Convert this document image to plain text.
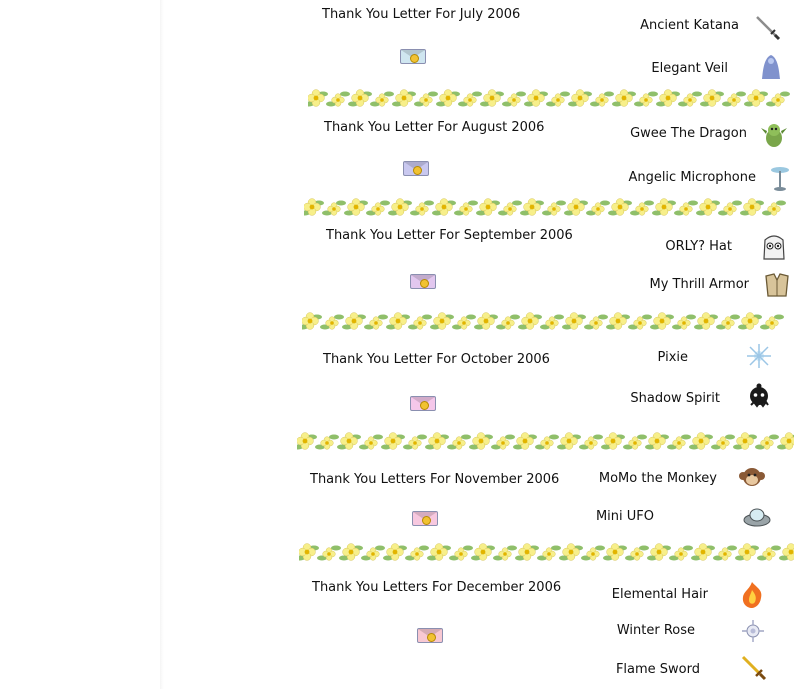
Thank You Letter For July 2006
Ancient Katana
Elegant Veil
Thank You Letter For August 2006	Gwee The Dragon
Angelic Microphone
Thank You Letter For September 2006
ORLY? Hat
My Thrill Armor
Thank You Letter For October 2006	Pixie
Shadow Spirit
Thank You Letters For November 2006	MoMo the Monkey
Mini UFO
Thank You Letters For December 2006	Elemental Hair
Winter Rose
Flame Sword
